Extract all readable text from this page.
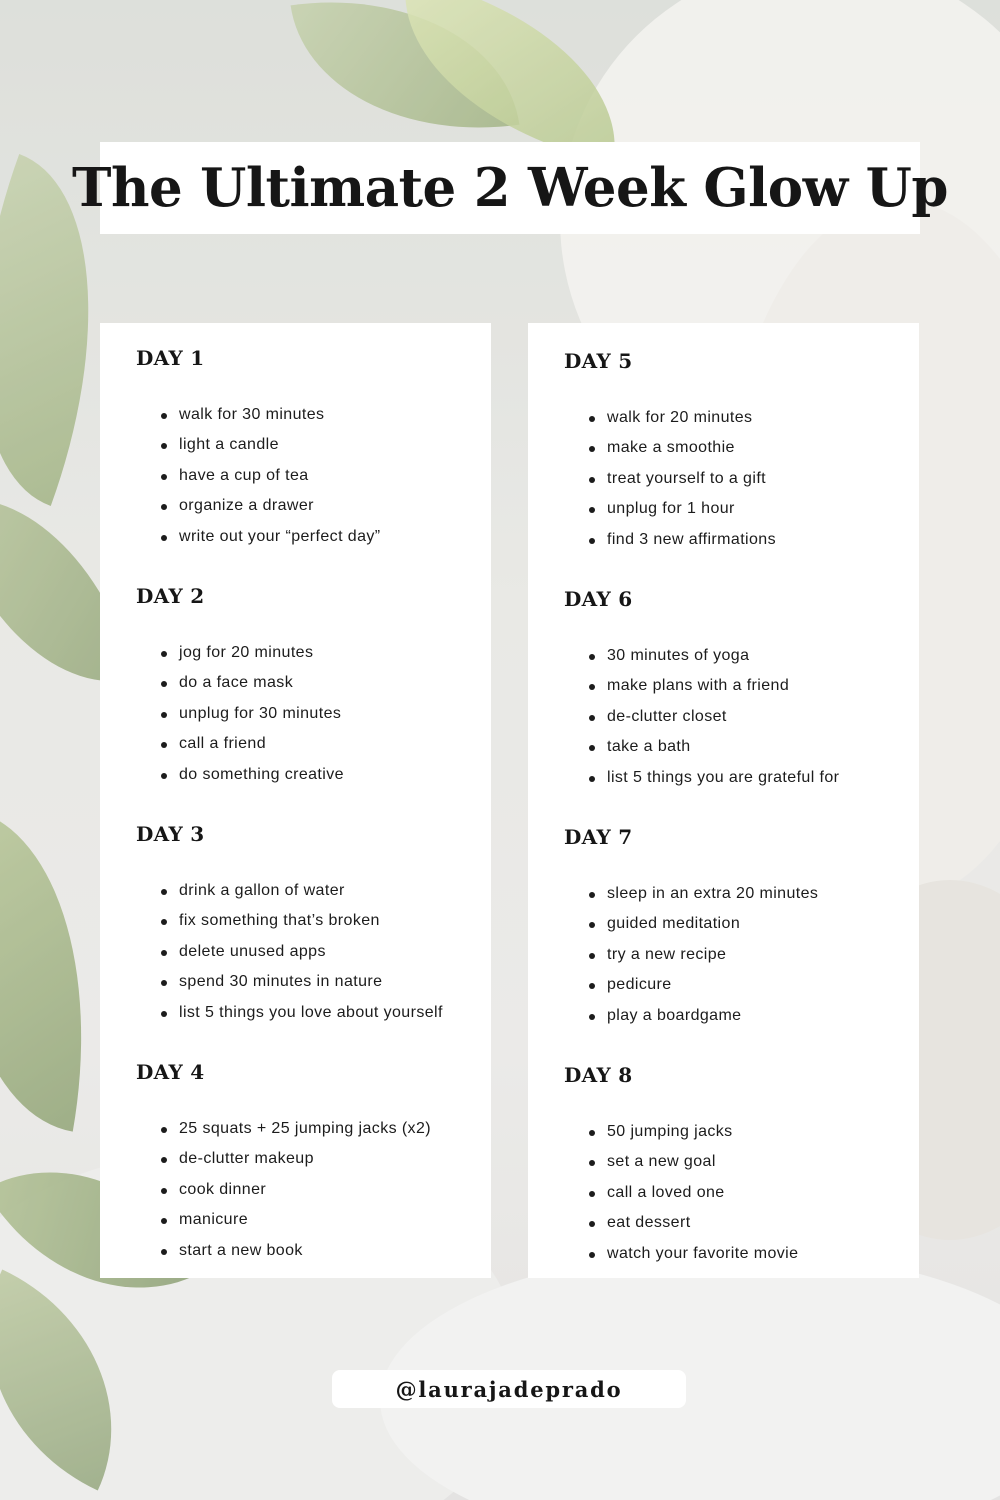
The Ultimate 2 Week Glow Up
DAY 1
walk for 30 minutes
light a candle
have a cup of tea
organize a drawer
write out your “perfect day”
DAY 2
jog for 20 minutes
do a face mask
unplug for 30 minutes
call a friend
do something creative
DAY 3
drink a gallon of water
fix something that’s broken
delete unused apps
spend 30 minutes in nature
list 5 things you love about yourself
DAY 4
25 squats + 25 jumping jacks (x2)
de-clutter makeup
cook dinner
manicure
start a new book
DAY 5
walk for 20 minutes
make a smoothie
treat yourself to a gift
unplug for 1 hour
find 3 new affirmations
DAY 6
30 minutes of yoga
make plans with a friend
de-clutter closet
take a bath
list 5 things you are grateful for
DAY 7
sleep in an extra 20 minutes
guided meditation
try a new recipe
pedicure
play a boardgame
DAY 8
50 jumping jacks
set a new goal
call a loved one
eat dessert
watch your favorite movie
@laurajadeprado
